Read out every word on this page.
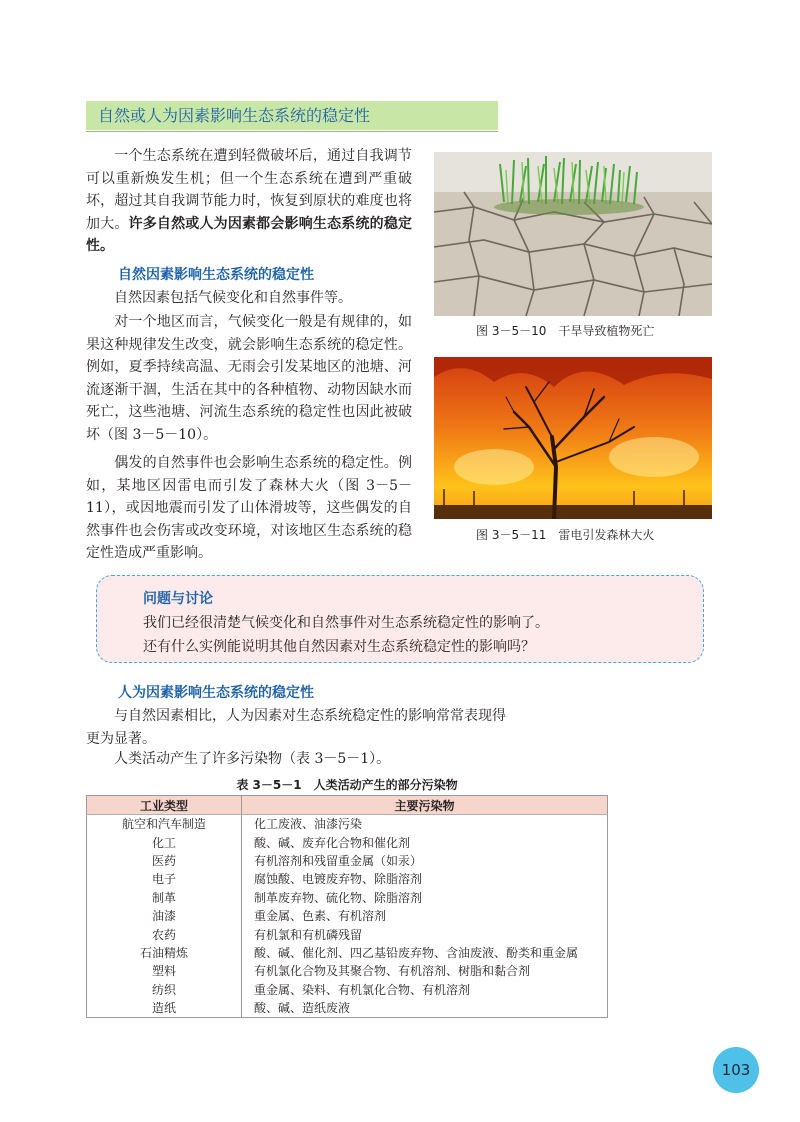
自然或人为因素影响生态系统的稳定性

一个生态系统在遭到轻微破坏后，通过自我调节可以重新焕发生机；但一个生态系统在遭到严重破坏，超过其自我调节能力时，恢复到原状的难度也将加大。许多自然或人为因素都会影响生态系统的稳定性。

自然因素影响生态系统的稳定性

自然因素包括气候变化和自然事件等。

对一个地区而言，气候变化一般是有规律的，如果这种规律发生改变，就会影响生态系统的稳定性。例如，夏季持续高温、无雨会引发某地区的池塘、河流逐渐干涸，生活在其中的各种植物、动物因缺水而死亡，这些池塘、河流生态系统的稳定性也因此被破坏（图 3－5－10）。

偶发的自然事件也会影响生态系统的稳定性。例如，某地区因雷电而引发了森林大火（图 3－5－11），或因地震而引发了山体滑坡等，这些偶发的自然事件也会伤害或改变环境，对该地区生态系统的稳定性造成严重影响。

图 3－5－10　干旱导致植物死亡
图 3－5－11　雷电引发森林大火
问题与讨论
我们已经很清楚气候变化和自然事件对生态系统稳定性的影响了。
还有什么实例能说明其他自然因素对生态系统稳定性的影响吗？

人为因素影响生态系统的稳定性

与自然因素相比，人为因素对生态系统稳定性的影响常常表现得更为显著。

人类活动产生了许多污染物（表 3－5－1）。

表 3－5－1　人类活动产生的部分污染物
工业类型	主要污染物
航空和汽车制造	化工废液、油漆污染
化工	酸、碱、废弃化合物和催化剂
医药	有机溶剂和残留重金属（如汞）
电子	腐蚀酸、电镀废弃物、除脂溶剂
制革	制革废弃物、硫化物、除脂溶剂
油漆	重金属、色素、有机溶剂
农药	有机氯和有机磷残留
石油精炼	酸、碱、催化剂、四乙基铅废弃物、含油废液、酚类和重金属
塑料	有机氯化合物及其聚合物、有机溶剂、树脂和黏合剂
纺织	重金属、染料、有机氯化合物、有机溶剂
造纸	酸、碱、造纸废液
103
